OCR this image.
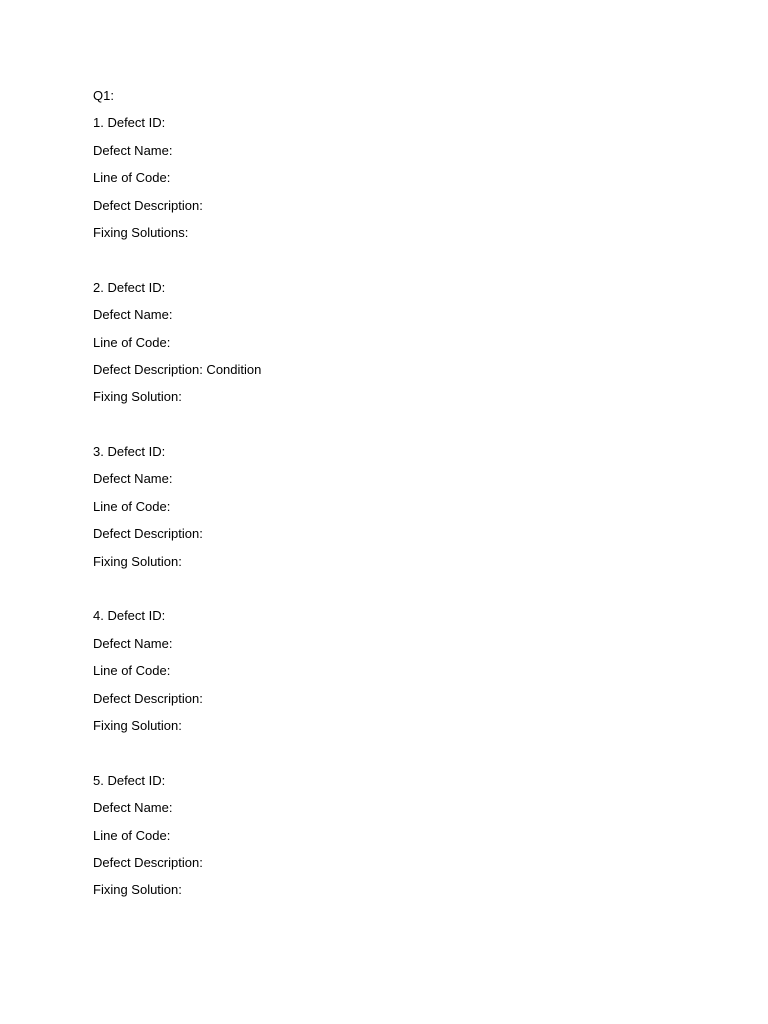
Q1:
1. Defect ID:
Defect Name:
Line of Code:
Defect Description:
Fixing Solutions:
2. Defect ID:
Defect Name:
Line of Code:
Defect Description: Condition
Fixing Solution:
3. Defect ID:
Defect Name:
Line of Code:
Defect Description:
Fixing Solution:
4. Defect ID:
Defect Name:
Line of Code:
Defect Description:
Fixing Solution:
5. Defect ID:
Defect Name:
Line of Code:
Defect Description:
Fixing Solution:
